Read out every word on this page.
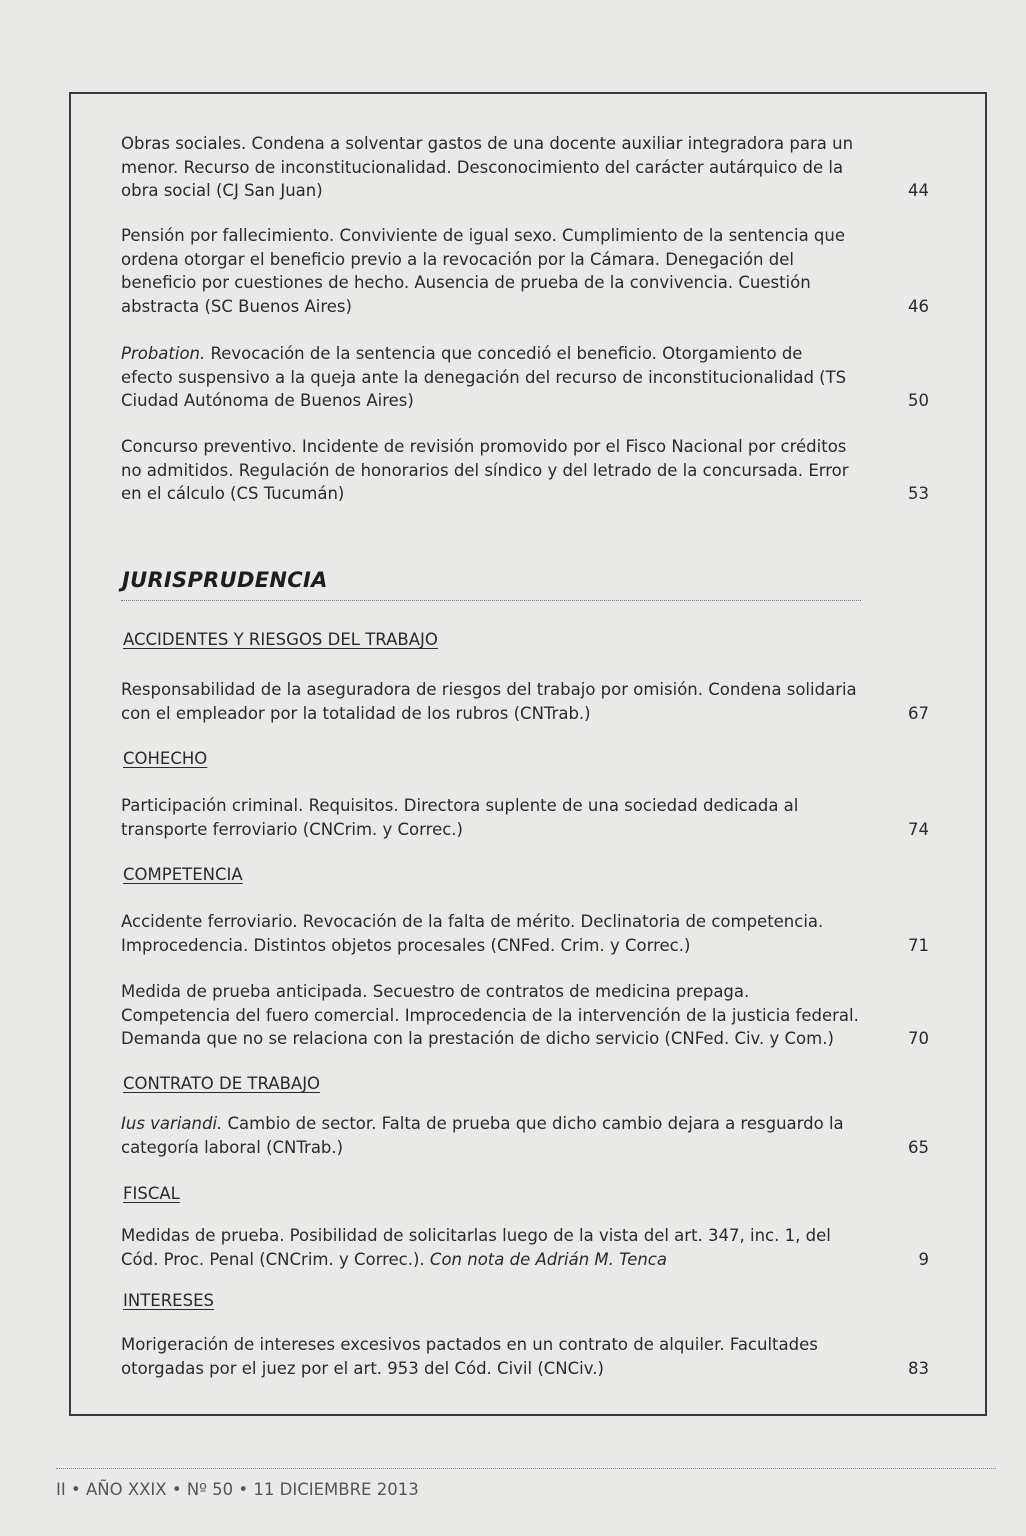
Obras sociales. Condena a solventar gastos de una docente auxiliar integradora para un menor. Recurso de inconstitucionalidad. Desconocimiento del carácter autárquico de la obra social (CJ San Juan)	44
Pensión por fallecimiento. Conviviente de igual sexo. Cumplimiento de la sentencia que ordena otorgar el beneficio previo a la revocación por la Cámara. Denegación del beneficio por cuestiones de hecho. Ausencia de prueba de la convivencia. Cuestión abstracta (SC Buenos Aires)	46
Probation. Revocación de la sentencia que concedió el beneficio. Otorgamiento de efecto suspensivo a la queja ante la denegación del recurso de inconstitucionalidad (TS Ciudad Autónoma de Buenos Aires)	50
Concurso preventivo. Incidente de revisión promovido por el Fisco Nacional por créditos no admitidos. Regulación de honorarios del síndico y del letrado de la concursada. Error en el cálculo (CS Tucumán)	53
JURISPRUDENCIA
ACCIDENTES Y RIESGOS DEL TRABAJO
Responsabilidad de la aseguradora de riesgos del trabajo por omisión. Condena solidaria con el empleador por la totalidad de los rubros (CNTrab.)	67
COHECHO
Participación criminal. Requisitos. Directora suplente de una sociedad dedicada al transporte ferroviario (CNCrim. y Correc.)	74
COMPETENCIA
Accidente ferroviario. Revocación de la falta de mérito. Declinatoria de competencia. Improcedencia. Distintos objetos procesales (CNFed. Crim. y Correc.)	71
Medida de prueba anticipada. Secuestro de contratos de medicina prepaga. Competencia del fuero comercial. Improcedencia de la intervención de la justicia federal. Demanda que no se relaciona con la prestación de dicho servicio (CNFed. Civ. y Com.)	70
CONTRATO DE TRABAJO
Ius variandi. Cambio de sector. Falta de prueba que dicho cambio dejara a resguardo la categoría laboral (CNTrab.)	65
FISCAL
Medidas de prueba. Posibilidad de solicitarlas luego de la vista del art. 347, inc. 1, del Cód. Proc. Penal (CNCrim. y Correc.). Con nota de Adrián M. Tenca	9
INTERESES
Morigeración de intereses excesivos pactados en un contrato de alquiler. Facultades otorgadas por el juez por el art. 953 del Cód. Civil (CNCiv.)	83
II • AÑO XXIX • Nº 50 • 11 DICIEMBRE 2013
